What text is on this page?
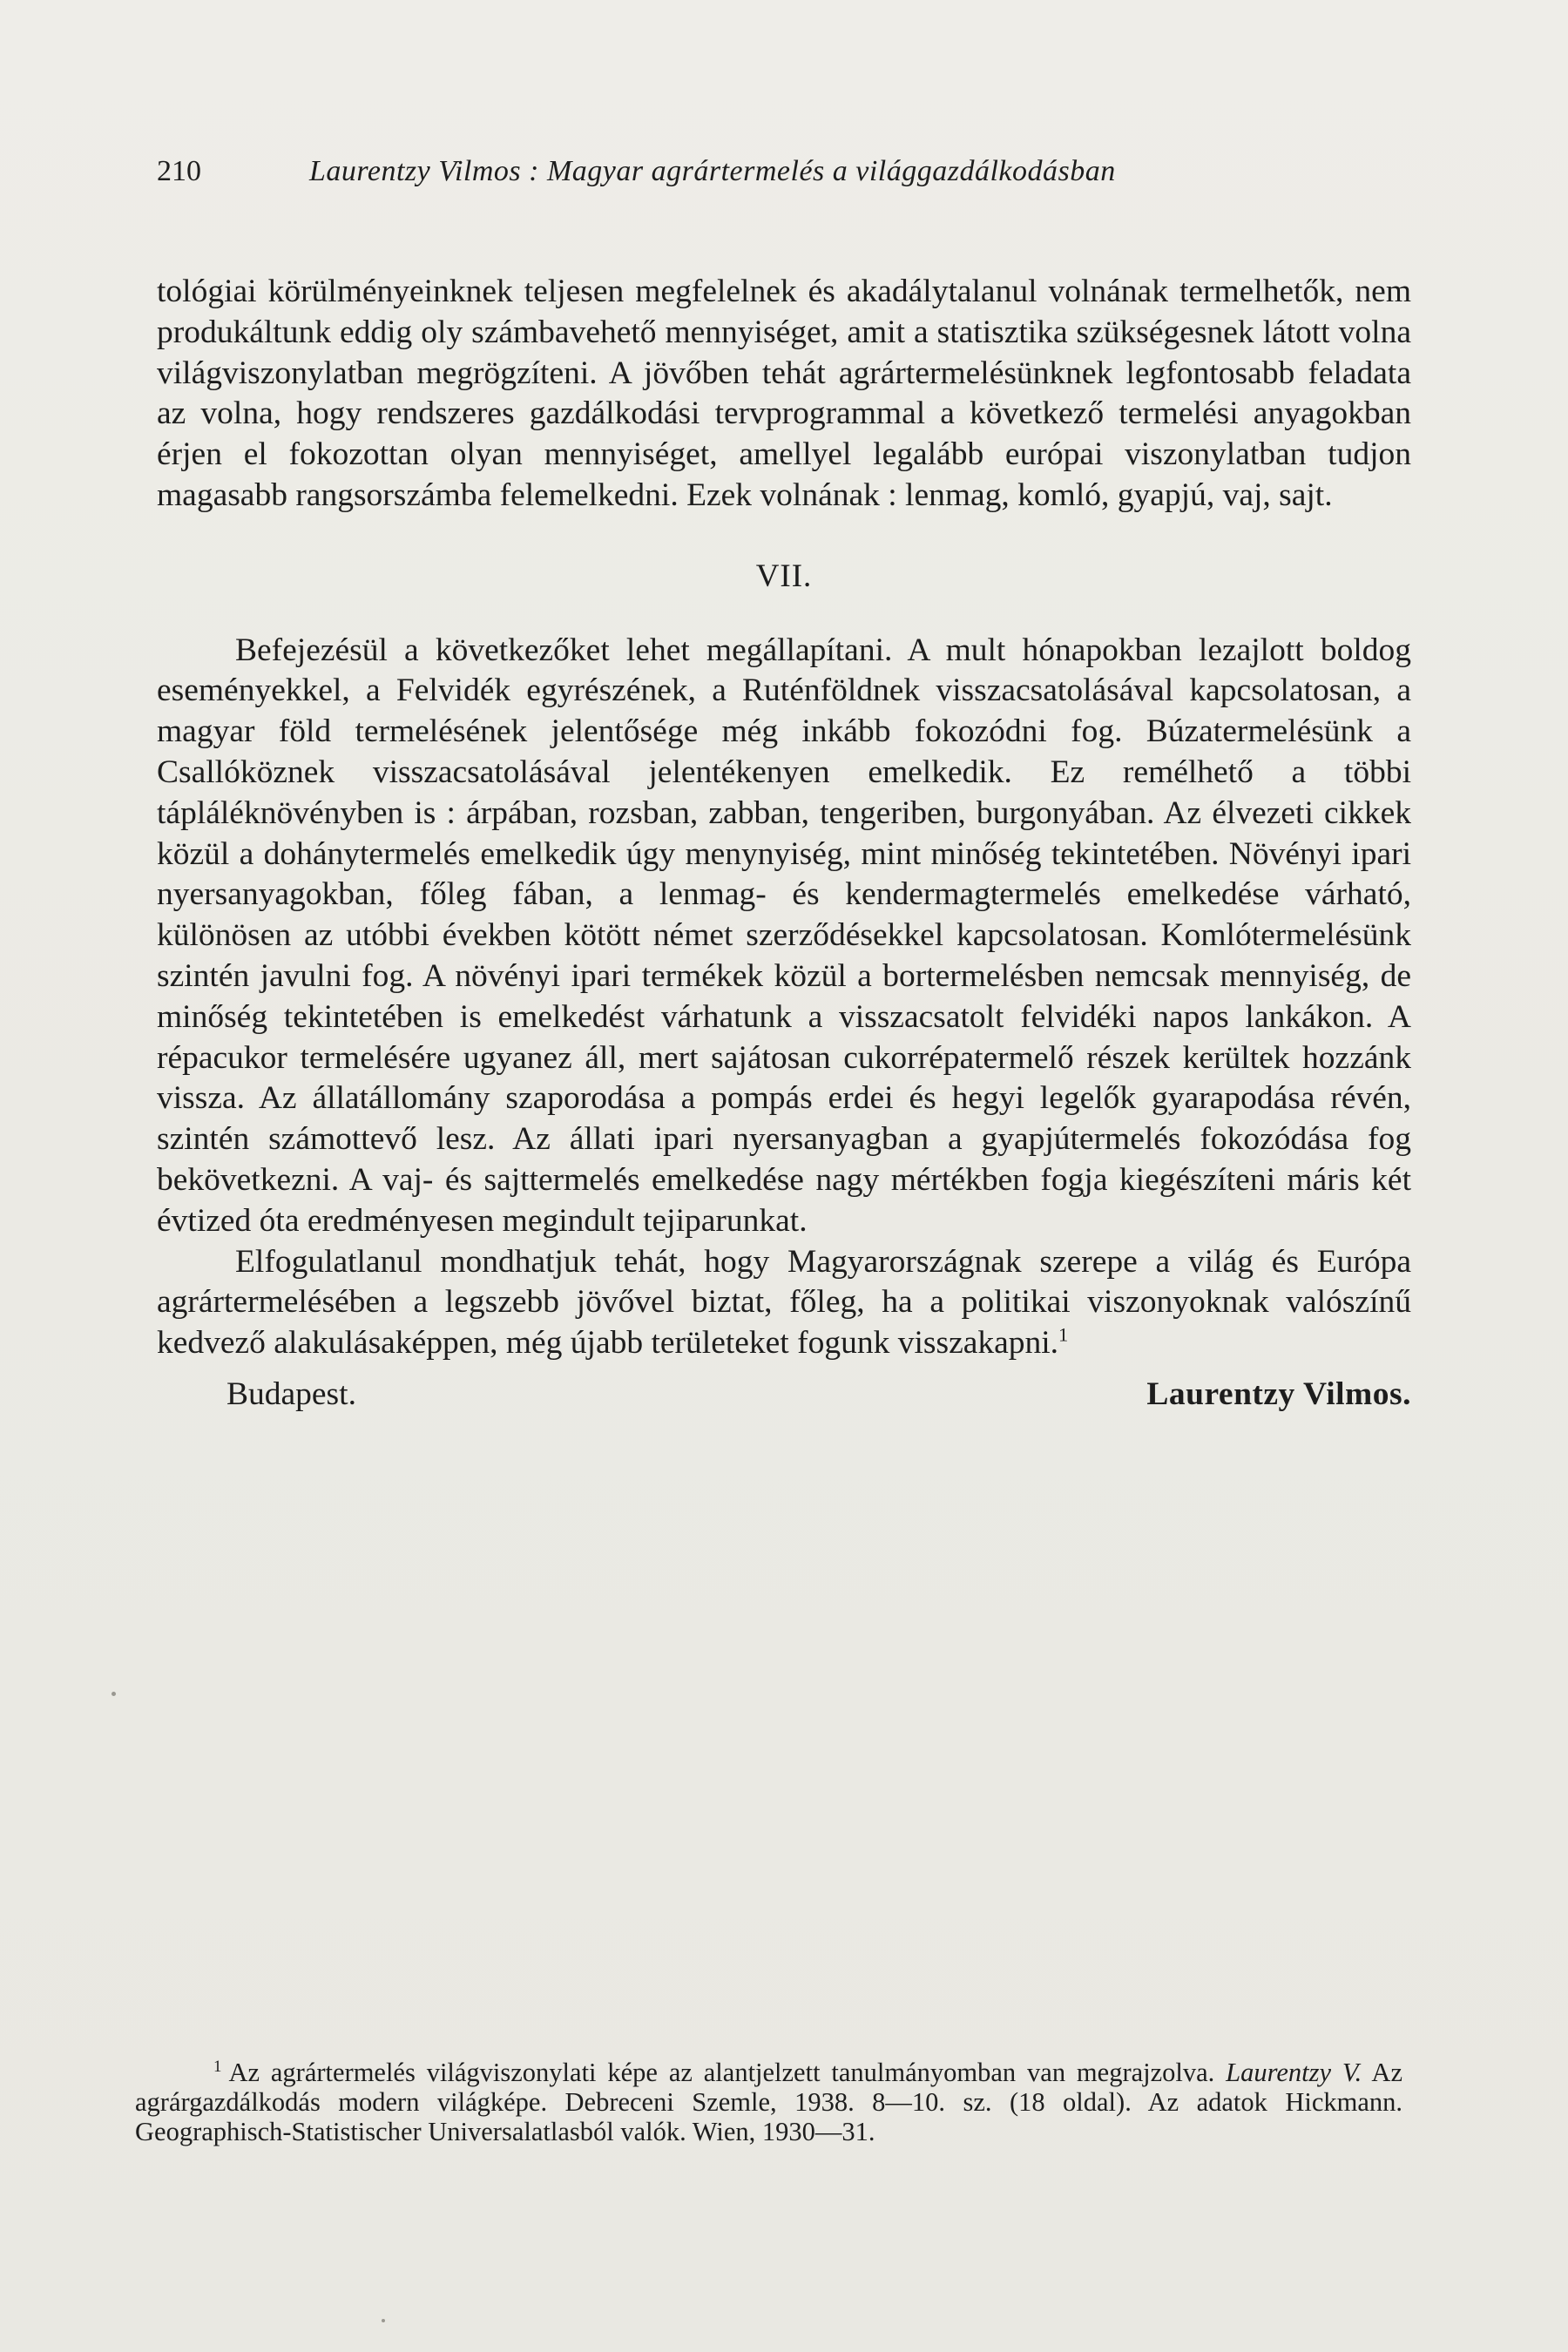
210	Laurentzy Vilmos : Magyar agrártermelés a világgazdálkodásban

tológiai körülményeinknek teljesen megfelelnek és akadálytalanul volnának termelhetők, nem produkáltunk eddig oly számbavehető mennyiséget, amit a statisztika szükségesnek látott volna világviszonylatban megrögzíteni. A jövőben tehát agrártermelésünknek legfontosabb feladata az volna, hogy rendszeres gazdálkodási tervprogrammal a következő termelési anyagokban érjen el fokozottan olyan mennyiséget, amellyel legalább európai viszonylatban tudjon magasabb rangsorszámba felemelkedni. Ezek volnának : lenmag, komló, gyapjú, vaj, sajt.

VII.

Befejezésül a következőket lehet megállapítani. A mult hónapokban lezajlott boldog eseményekkel, a Felvidék egyrészének, a Ruténföldnek visszacsatolásával kapcsolatosan, a magyar föld termelésének jelentősége még inkább fokozódni fog. Búzatermelésünk a Csallóköznek visszacsatolásával jelentékenyen emelkedik. Ez remélhető a többi tápláléknövényben is : árpában, rozsban, zabban, tengeriben, burgonyában. Az élvezeti cikkek közül a dohánytermelés emelkedik úgy menynyiség, mint minőség tekintetében. Növényi ipari nyersanyagokban, főleg fában, a lenmag- és kendermagtermelés emelkedése várható, különösen az utóbbi években kötött német szerződésekkel kapcsolatosan. Komlótermelésünk szintén javulni fog. A növényi ipari termékek közül a bortermelésben nemcsak mennyiség, de minőség tekintetében is emelkedést várhatunk a visszacsatolt felvidéki napos lankákon. A répacukor termelésére ugyanez áll, mert sajátosan cukorrépatermelő részek kerültek hozzánk vissza. Az állatállomány szaporodása a pompás erdei és hegyi legelők gyarapodása révén, szintén számottevő lesz. Az állati ipari nyersanyagban a gyapjútermelés fokozódása fog bekövetkezni. A vaj- és sajttermelés emelkedése nagy mértékben fogja kiegészíteni máris két évtized óta eredményesen megindult tejiparunkat.

Elfogulatlanul mondhatjuk tehát, hogy Magyarországnak szerepe a világ és Európa agrártermelésében a legszebb jövővel biztat, főleg, ha a politikai viszonyoknak valószínű kedvező alakulásaképpen, még újabb területeket fogunk visszakapni.$^1$

Budapest.	Laurentzy Vilmos.

$^1$ Az agrártermelés világviszonylati képe az alantjelzett tanulmányomban van megrajzolva. Laurentzy V. Az agrárgazdálkodás modern világképe. Debreceni Szemle, 1938. 8—10. sz. (18 oldal). Az adatok Hickmann. Geographisch-Statistischer Universalatlasból valók. Wien, 1930—31.
